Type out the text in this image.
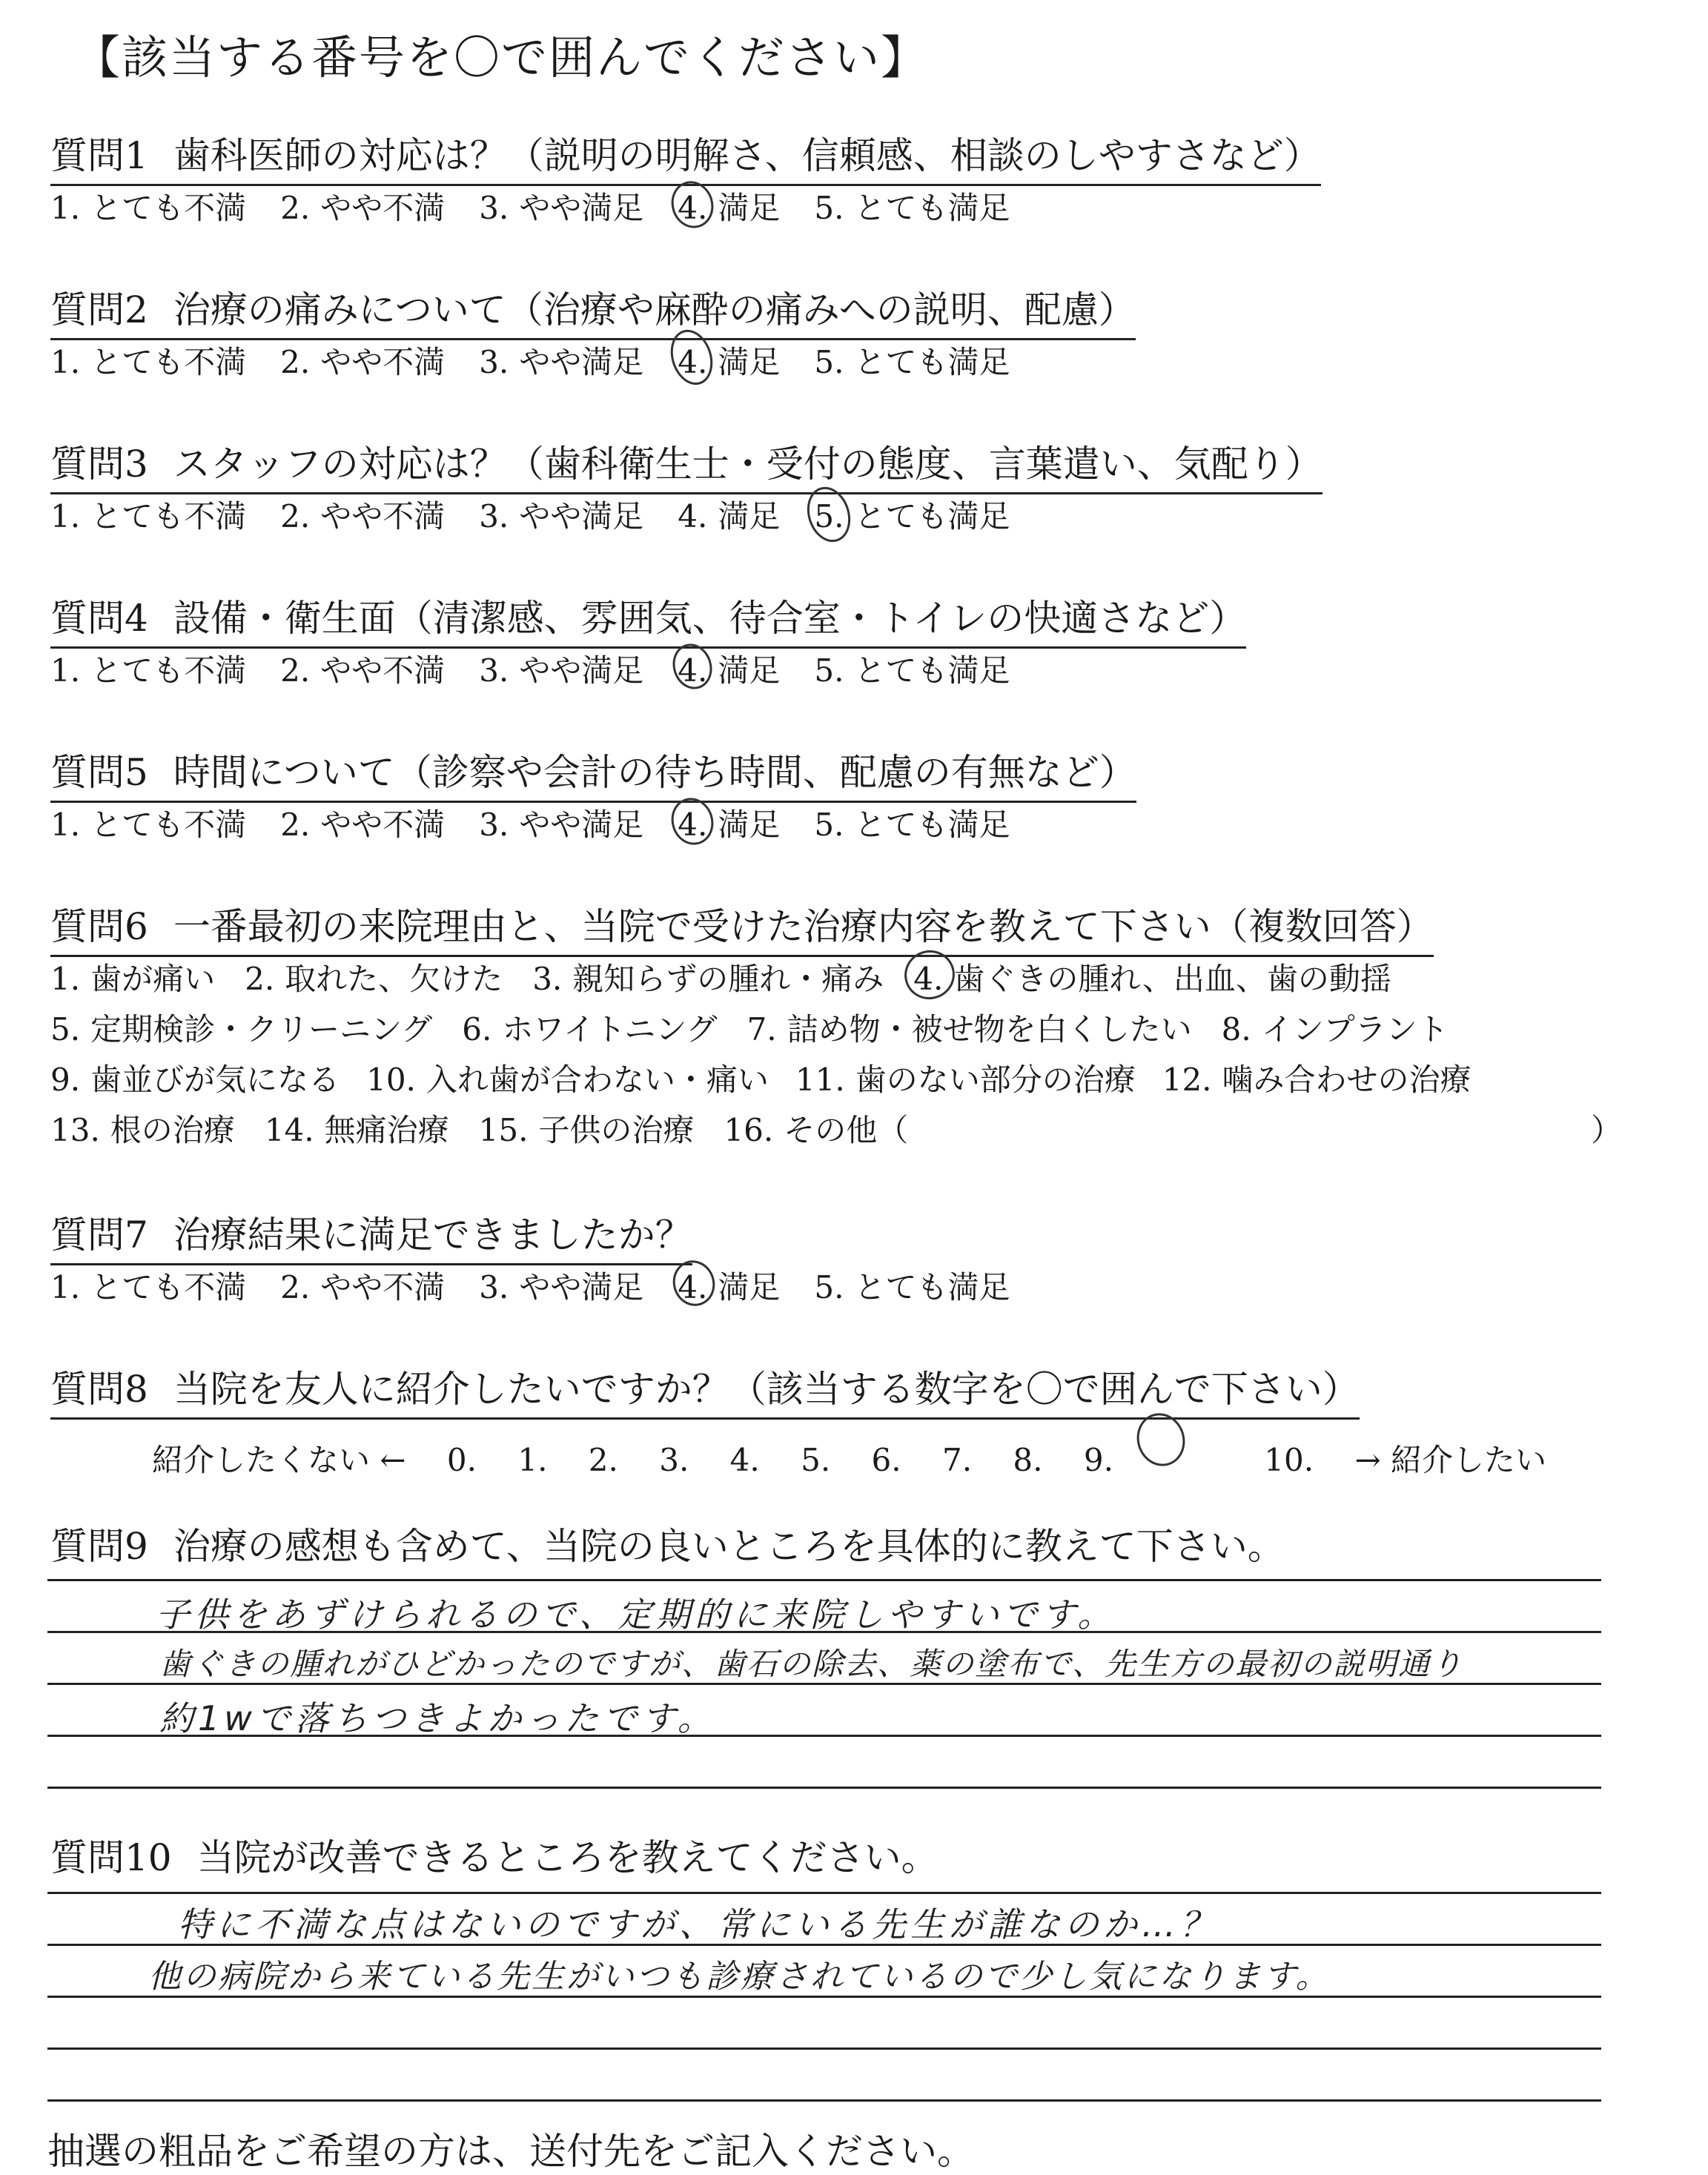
【該当する番号を〇で囲んでください】
質問1 歯科医師の対応は？（説明の明解さ、信頼感、相談のしやすさなど）
1. とても不満 2. やや不満 3. やや満足 4. 満足 5. とても満足
質問2 治療の痛みについて（治療や麻酔の痛みへの説明、配慮）
1. とても不満 2. やや不満 3. やや満足 4. 満足 5. とても満足
質問3 スタッフの対応は？（歯科衛生士・受付の態度、言葉遣い、気配り）
1. とても不満 2. やや不満 3. やや満足 4. 満足 5. とても満足
質問4 設備・衛生面（清潔感、雰囲気、待合室・トイレの快適さなど）
1. とても不満 2. やや不満 3. やや満足 4. 満足 5. とても満足
質問5 時間について（診察や会計の待ち時間、配慮の有無など）
1. とても不満 2. やや不満 3. やや満足 4. 満足 5. とても満足
質問6 一番最初の来院理由と、当院で受けた治療内容を教えて下さい（複数回答）
1. 歯が痛い 2. 取れた、欠けた 3. 親知らずの腫れ・痛み 4. 歯ぐきの腫れ、出血、歯の動揺
5. 定期検診・クリーニング 6. ホワイトニング 7. 詰め物・被せ物を白くしたい 8. インプラント
9. 歯並びが気になる 10. 入れ歯が合わない・痛い 11. 歯のない部分の治療 12. 噛み合わせの治療
13. 根の治療 14. 無痛治療 15. 子供の治療 16. その他（	）
質問7 治療結果に満足できましたか？
1. とても不満 2. やや不満 3. やや満足 4. 満足 5. とても満足
質問8 当院を友人に紹介したいですか？（該当する数字を〇で囲んで下さい）
紹介したくない ← 0. 1. 2. 3. 4. 5. 6. 7. 8. 9.	10. → 紹介したい
質問9 治療の感想も含めて、当院の良いところを具体的に教えて下さい。
子供をあずけられるので、定期的に来院しやすいです。
歯ぐきの腫れがひどかったのですが、歯石の除去、薬の塗布で、先生方の最初の説明通り
約1wで落ちつきよかったです。
質問10 当院が改善できるところを教えてください。
特に不満な点はないのですが、常にいる先生が誰なのか…？
他の病院から来ている先生がいつも診療されているので少し気になります。
抽選の粗品をご希望の方は、送付先をご記入ください。
